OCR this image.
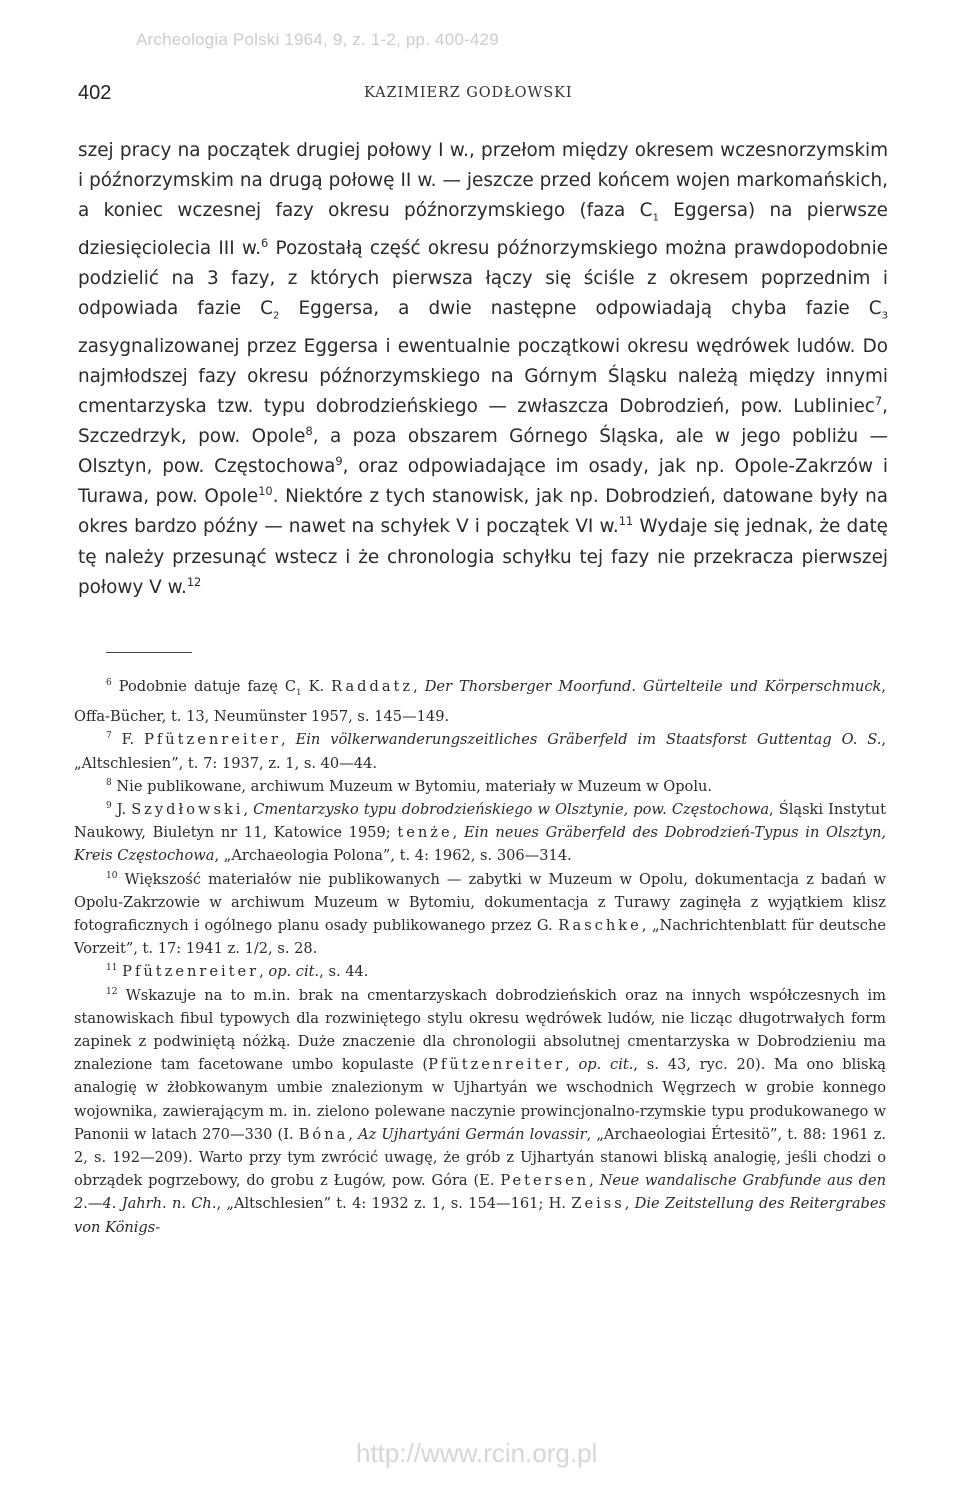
Archeologia Polski 1964, 9, z. 1-2, pp. 400-429
402	KAZIMIERZ GODŁOWSKI

szej pracy na początek drugiej połowy I w., przełom między okresem wczesnorzymskim i późnorzymskim na drugą połowę II w. — jeszcze przed końcem wojen markomańskich, a koniec wczesnej fazy okresu późnorzymskiego (faza $C_1$ Eggersa) na pierwsze dziesięciolecia III w.$^6$ Pozostałą część okresu późnorzymskiego można prawdopodobnie podzielić na 3 fazy, z których pierwsza łączy się ściśle z okresem poprzednim i odpowiada fazie $C_2$ Eggersa, a dwie następne odpowiadają chyba fazie $C_3$ zasygnalizowanej przez Eggersa i ewentualnie początkowi okresu wędrówek ludów. Do najmłodszej fazy okresu późnorzymskiego na Górnym Śląsku należą między innymi cmentarzyska tzw. typu dobrodzieńskiego — zwłaszcza Dobrodzień, pow. Lubliniec$^7$, Szczedrzyk, pow. Opole$^8$, a poza obszarem Górnego Śląska, ale w jego pobliżu — Olsztyn, pow. Częstochowa$^9$, oraz odpowiadające im osady, jak np. Opole-Zakrzów i Turawa, pow. Opole$^{10}$. Niektóre z tych stanowisk, jak np. Dobrodzień, datowane były na okres bardzo późny — nawet na schyłek V i początek VI w.$^{11}$ Wydaje się jednak, że datę tę należy przesunąć wstecz i że chronologia schyłku tej fazy nie przekracza pierwszej połowy V w.$^{12}$

$^6$ Podobnie datuje fazę $C_1$ K. Raddatz, Der Thorsberger Moorfund. Gürtelteile und Körperschmuck, Offa-Bücher, t. 13, Neumünster 1957, s. 145—149.

$^7$ F. Pfützenreiter, Ein völkerwanderungszeitliches Gräberfeld im Staatsforst Guttentag O. S., „Altschlesien”, t. 7: 1937, z. 1, s. 40—44.

$^8$ Nie publikowane, archiwum Muzeum w Bytomiu, materiały w Muzeum w Opolu.

$^9$ J. Szydłowski, Cmentarzysko typu dobrodzieńskiego w Olsztynie, pow. Częstochowa, Śląski Instytut Naukowy, Biuletyn nr 11, Katowice 1959; tenże, Ein neues Gräberfeld des Dobrodzień-Typus in Olsztyn, Kreis Częstochowa, „Archaeologia Polona”, t. 4: 1962, s. 306—314.

$^{10}$ Większość materiałów nie publikowanych — zabytki w Muzeum w Opolu, dokumentacja z badań w Opolu-Zakrzowie w archiwum Muzeum w Bytomiu, dokumentacja z Turawy zaginęła z wyjątkiem klisz fotograficznych i ogólnego planu osady publikowanego przez G. Raschke, „Nachrichtenblatt für deutsche Vorzeit”, t. 17: 1941 z. 1/2, s. 28.

$^{11}$ Pfützenreiter, op. cit., s. 44.

$^{12}$ Wskazuje na to m.in. brak na cmentarzyskach dobrodzieńskich oraz na innych współczesnych im stanowiskach fibul typowych dla rozwiniętego stylu okresu wędrówek ludów, nie licząc długotrwałych form zapinek z podwiniętą nóżką. Duże znaczenie dla chronologii absolutnej cmentarzyska w Dobrodzieniu ma znalezione tam facetowane umbo kopulaste (Pfützenreiter, op. cit., s. 43, ryc. 20). Ma ono bliską analogię w żłobkowanym umbie znalezionym w Ujhartyán we wschodnich Węgrzech w grobie konnego wojownika, zawierającym m. in. zielono polewane naczynie prowincjonalno-rzymskie typu produkowanego w Panonii w latach 270—330 (I. Bóna, Az Ujhartyáni Germán lovassir, „Archaeologiai Értesitö”, t. 88: 1961 z. 2, s. 192—209). Warto przy tym zwrócić uwagę, że grób z Ujhartyán stanowi bliską analogię, jeśli chodzi o obrządek pogrzebowy, do grobu z Ługów, pow. Góra (E. Petersen, Neue wandalische Grabfunde aus den 2.—4. Jahrh. n. Ch., „Altschlesien” t. 4: 1932 z. 1, s. 154—161; H. Zeiss, Die Zeitstellung des Reitergrabes von Königs-

http://www.rcin.org.pl
